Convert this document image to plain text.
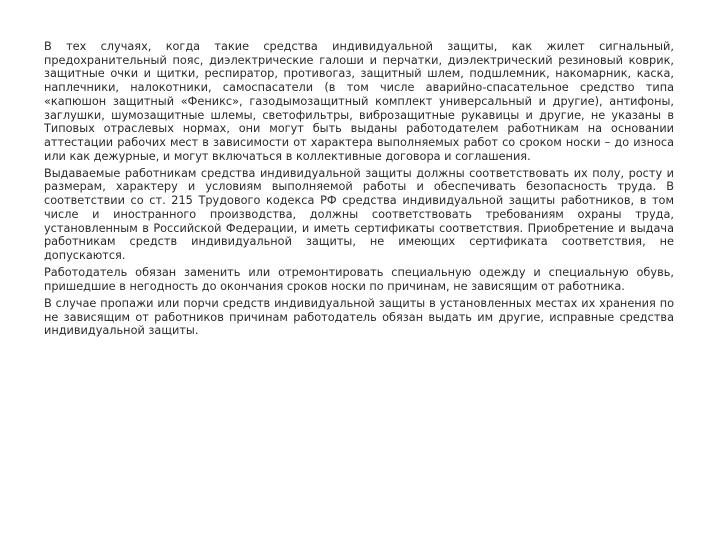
В тех случаях, когда такие средства индивидуальной защиты, как жилет сигнальный, предохранительный пояс, диэлектрические галоши и перчатки, диэлектрический резиновый коврик, защитные очки и щитки, респиратор, противогаз, защитный шлем, подшлемник, накомарник, каска, наплечники, налокотники, самоспасатели (в том числе аварийно-спасательное средство типа «капюшон защитный «Феникс», газодымозащитный комплект универсальный и другие), антифоны, заглушки, шумозащитные шлемы, светофильтры, виброзащитные рукавицы и другие, не указаны в Типовых отраслевых нормах, они могут быть выданы работодателем работникам на основании аттестации рабочих мест в зависимости от характера выполняемых работ со сроком носки – до износа или как дежурные, и могут включаться в коллективные договора и соглашения.

Выдаваемые работникам средства индивидуальной защиты должны соответствовать их полу, росту и размерам, характеру и условиям выполняемой работы и обеспечивать безопасность труда. В соответствии со ст. 215 Трудового кодекса РФ средства индивидуальной защиты работников, в том числе и иностранного производства, должны соответствовать требованиям охраны труда, установленным в Российской Федерации, и иметь сертификаты соответствия. Приобретение и выдача работникам средств индивидуальной защиты, не имеющих сертификата соответствия, не допускаются.

Работодатель обязан заменить или отремонтировать специальную одежду и специальную обувь, пришедшие в негодность до окончания сроков носки по причинам, не зависящим от работника.

В случае пропажи или порчи средств индивидуальной защиты в установленных местах их хранения по не зависящим от работников причинам работодатель обязан выдать им другие, исправные средства индивидуальной защиты.
